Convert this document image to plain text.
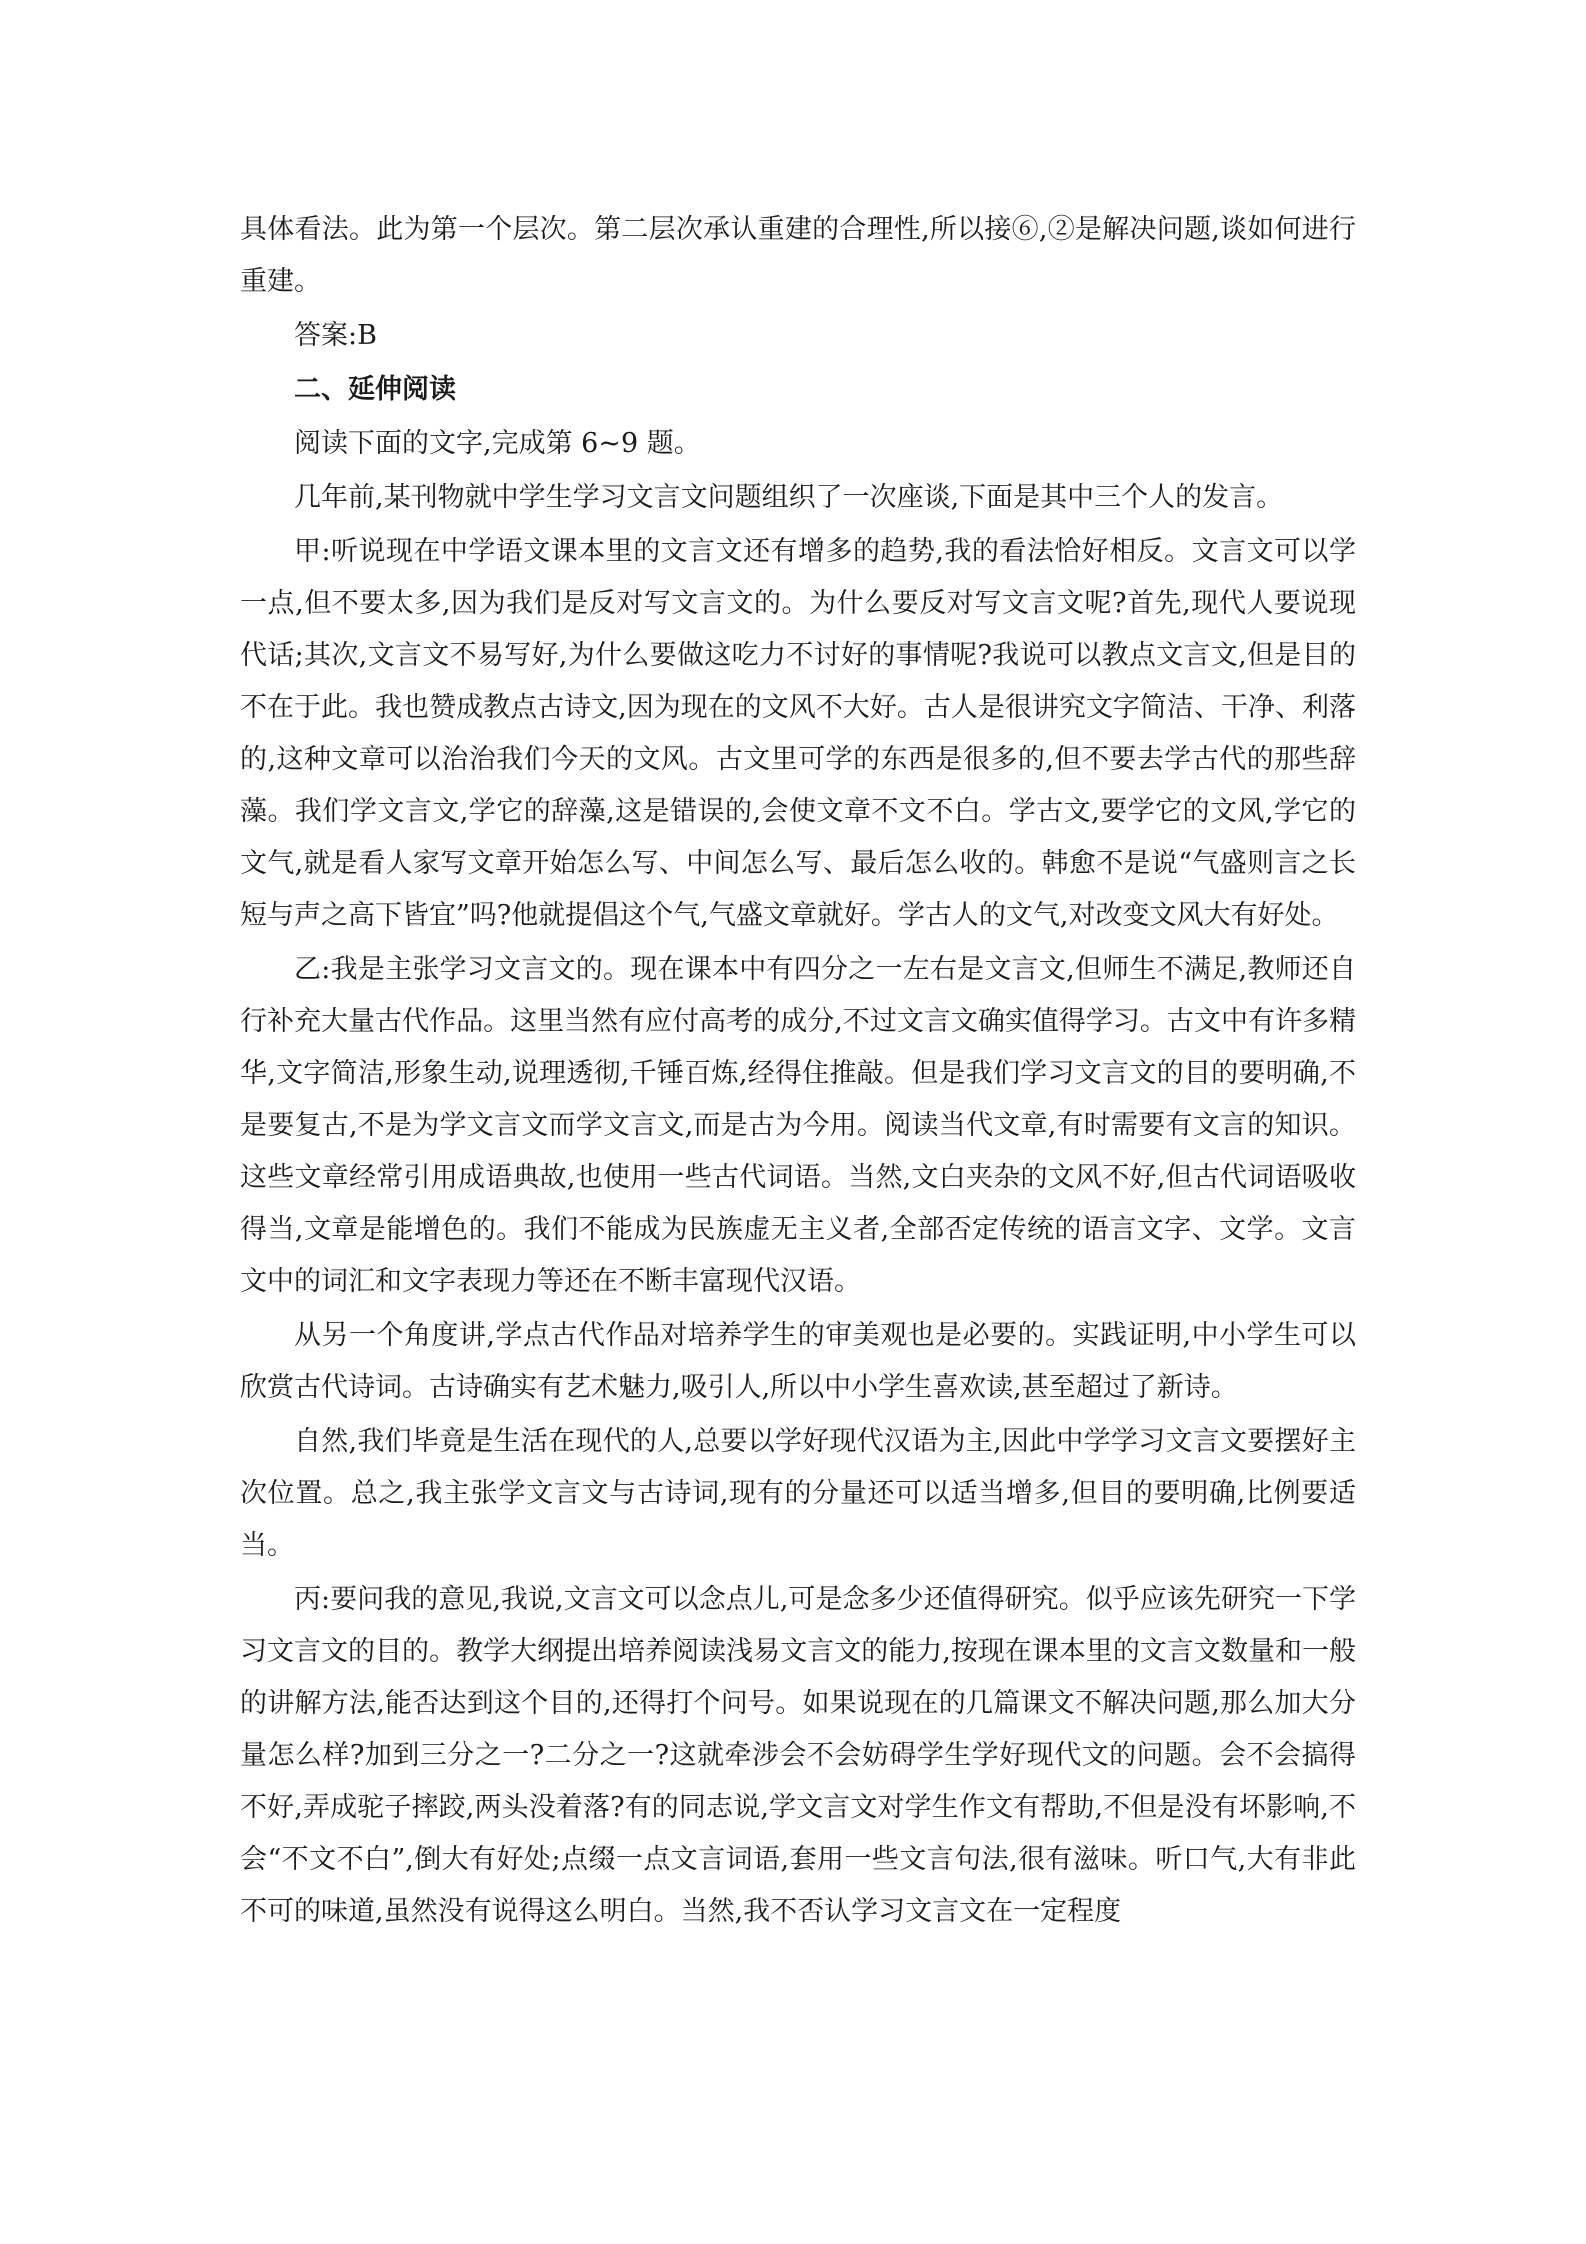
具体看法。此为第一个层次。第二层次承认重建的合理性,所以接⑥,②是解决问题,谈如何进行重建。

答案:B

二、延伸阅读

阅读下面的文字,完成第 6~9 题。

几年前,某刊物就中学生学习文言文问题组织了一次座谈,下面是其中三个人的发言。

甲:听说现在中学语文课本里的文言文还有增多的趋势,我的看法恰好相反。文言文可以学一点,但不要太多,因为我们是反对写文言文的。为什么要反对写文言文呢?首先,现代人要说现代话;其次,文言文不易写好,为什么要做这吃力不讨好的事情呢?我说可以教点文言文,但是目的不在于此。我也赞成教点古诗文,因为现在的文风不大好。古人是很讲究文字简洁、干净、利落的,这种文章可以治治我们今天的文风。古文里可学的东西是很多的,但不要去学古代的那些辞藻。我们学文言文,学它的辞藻,这是错误的,会使文章不文不白。学古文,要学它的文风,学它的文气,就是看人家写文章开始怎么写、中间怎么写、最后怎么收的。韩愈不是说“气盛则言之长短与声之高下皆宜”吗?他就提倡这个气,气盛文章就好。学古人的文气,对改变文风大有好处。

乙:我是主张学习文言文的。现在课本中有四分之一左右是文言文,但师生不满足,教师还自行补充大量古代作品。这里当然有应付高考的成分,不过文言文确实值得学习。古文中有许多精华,文字简洁,形象生动,说理透彻,千锤百炼,经得住推敲。但是我们学习文言文的目的要明确,不是要复古,不是为学文言文而学文言文,而是古为今用。阅读当代文章,有时需要有文言的知识。这些文章经常引用成语典故,也使用一些古代词语。当然,文白夹杂的文风不好,但古代词语吸收得当,文章是能增色的。我们不能成为民族虚无主义者,全部否定传统的语言文字、文学。文言文中的词汇和文字表现力等还在不断丰富现代汉语。

从另一个角度讲,学点古代作品对培养学生的审美观也是必要的。实践证明,中小学生可以欣赏古代诗词。古诗确实有艺术魅力,吸引人,所以中小学生喜欢读,甚至超过了新诗。

自然,我们毕竟是生活在现代的人,总要以学好现代汉语为主,因此中学学习文言文要摆好主次位置。总之,我主张学文言文与古诗词,现有的分量还可以适当增多,但目的要明确,比例要适当。

丙:要问我的意见,我说,文言文可以念点儿,可是念多少还值得研究。似乎应该先研究一下学习文言文的目的。教学大纲提出培养阅读浅易文言文的能力,按现在课本里的文言文数量和一般的讲解方法,能否达到这个目的,还得打个问号。如果说现在的几篇课文不解决问题,那么加大分量怎么样?加到三分之一?二分之一?这就牵涉会不会妨碍学生学好现代文的问题。会不会搞得不好,弄成驼子摔跤,两头没着落?有的同志说,学文言文对学生作文有帮助,不但是没有坏影响,不会“不文不白”,倒大有好处;点缀一点文言词语,套用一些文言句法,很有滋味。听口气,大有非此不可的味道,虽然没有说得这么明白。当然,我不否认学习文言文在一定程度
